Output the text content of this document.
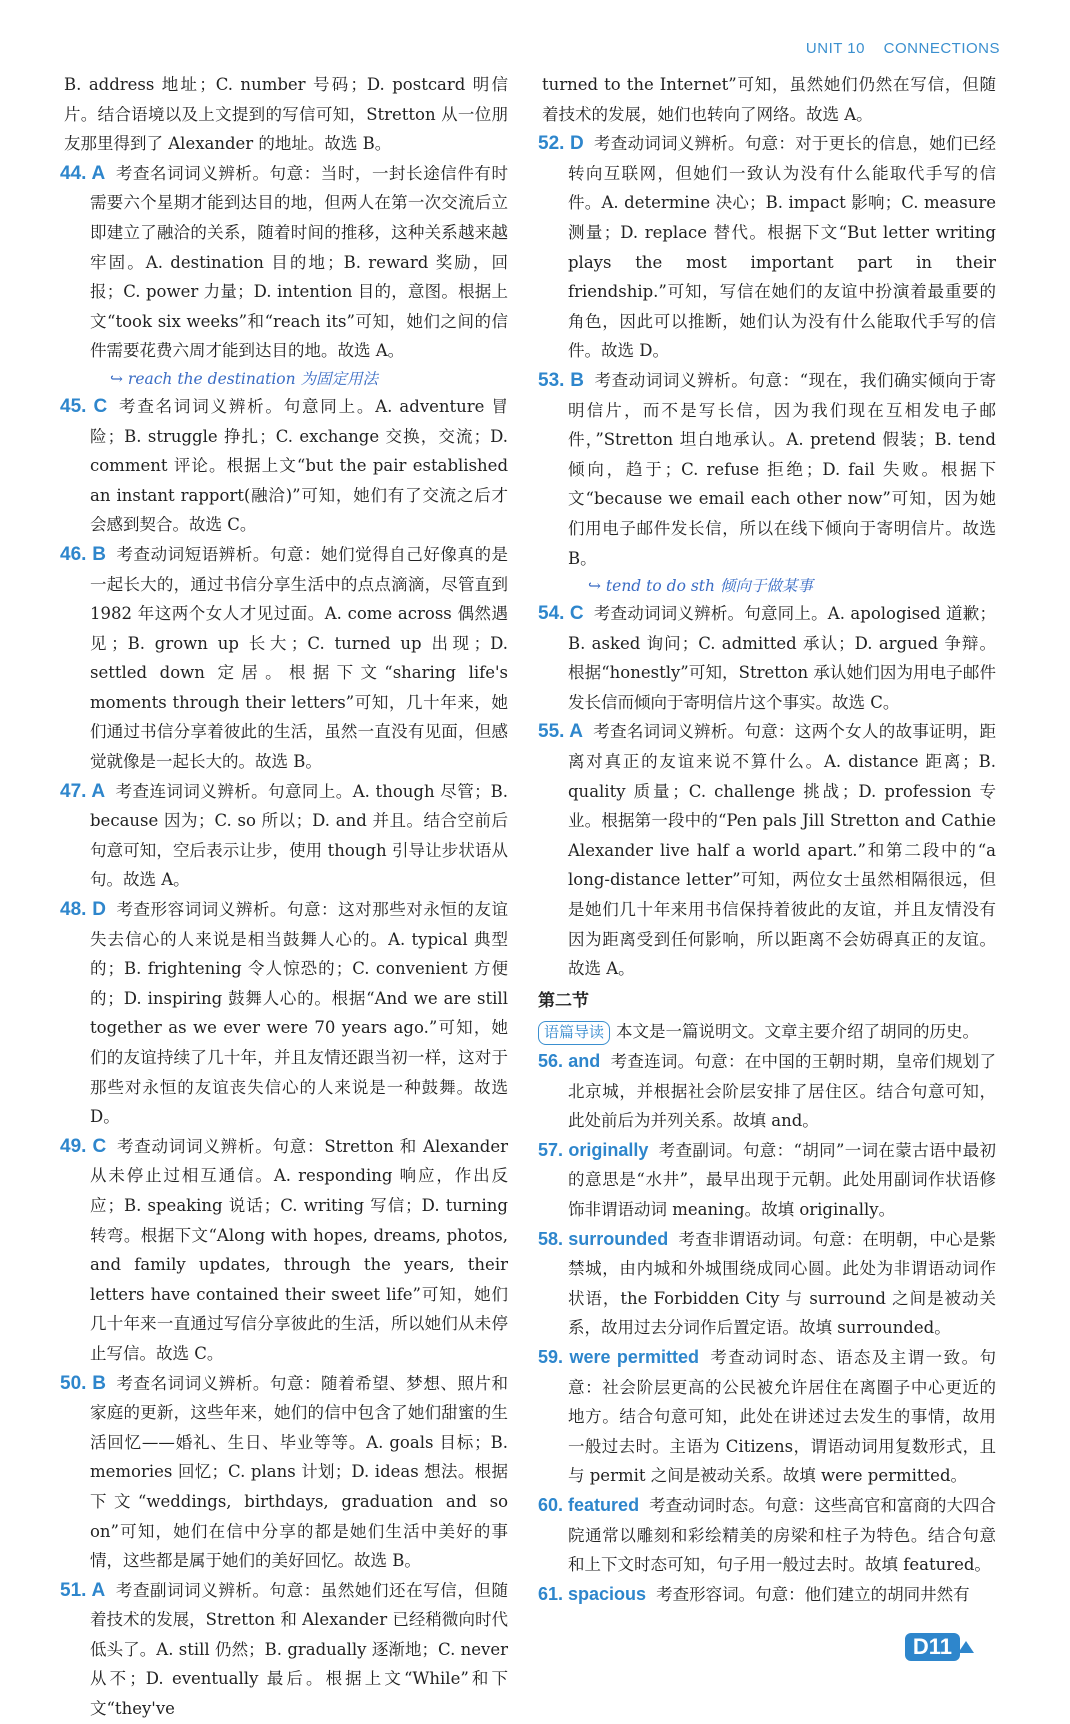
UNIT 10 CONNECTIONS

B. address 地址；C. number 号码；D. postcard 明信片。结合语境以及上文提到的写信可知，Stretton 从一位朋友那里得到了 Alexander 的地址。故选 B。

44. A 考查名词词义辨析。句意：当时，一封长途信件有时需要六个星期才能到达目的地，但两人在第一次交流后立即建立了融洽的关系，随着时间的推移，这种关系越来越牢固。A. destination 目的地；B. reward 奖励，回报；C. power 力量；D. intention 目的，意图。根据上文“took six weeks”和“reach its”可知，她们之间的信件需要花费六周才能到达目的地。故选 A。
↪ reach the destination 为固定用法
45. C 考查名词词义辨析。句意同上。A. adventure 冒险；B. struggle 挣扎；C. exchange 交换，交流；D. comment 评论。根据上文“but the pair established an instant rapport(融洽)”可知，她们有了交流之后才会感到契合。故选 C。
46. B 考查动词短语辨析。句意：她们觉得自己好像真的是一起长大的，通过书信分享生活中的点点滴滴，尽管直到1982 年这两个女人才见过面。A. come across 偶然遇见；B. grown up 长大；C. turned up 出现；D. settled down 定居。根据下文“sharing life's moments through their letters”可知，几十年来，她们通过书信分享着彼此的生活，虽然一直没有见面，但感觉就像是一起长大的。故选 B。
47. A 考查连词词义辨析。句意同上。A. though 尽管；B. because 因为；C. so 所以；D. and 并且。结合空前后句意可知，空后表示让步，使用 though 引导让步状语从句。故选 A。
48. D 考查形容词词义辨析。句意：这对那些对永恒的友谊失去信心的人来说是相当鼓舞人心的。A. typical 典型的；B. frightening 令人惊恐的；C. convenient 方便的；D. inspiring 鼓舞人心的。根据“And we are still together as we ever were 70 years ago.”可知，她们的友谊持续了几十年，并且友情还跟当初一样，这对于那些对永恒的友谊丧失信心的人来说是一种鼓舞。故选 D。
49. C 考查动词词义辨析。句意：Stretton 和 Alexander 从未停止过相互通信。A. responding 响应，作出反应；B. speaking 说话；C. writing 写信；D. turning 转弯。根据下文“Along with hopes, dreams, photos, and family updates, through the years, their letters have contained their sweet life”可知，她们几十年来一直通过写信分享彼此的生活，所以她们从未停止写信。故选 C。
50. B 考查名词词义辨析。句意：随着希望、梦想、照片和家庭的更新，这些年来，她们的信中包含了她们甜蜜的生活回忆——婚礼、生日、毕业等等。A. goals 目标；B. memories 回忆；C. plans 计划；D. ideas 想法。根据下文“weddings, birthdays, graduation and so on”可知，她们在信中分享的都是她们生活中美好的事情，这些都是属于她们的美好回忆。故选 B。
51. A 考查副词词义辨析。句意：虽然她们还在写信，但随着技术的发展，Stretton 和 Alexander 已经稍微向时代低头了。A. still 仍然；B. gradually 逐渐地；C. never 从不；D. eventually 最后。根据上文“While”和下文“they've

turned to the Internet”可知，虽然她们仍然在写信，但随着技术的发展，她们也转向了网络。故选 A。

52. D 考查动词词义辨析。句意：对于更长的信息，她们已经转向互联网，但她们一致认为没有什么能取代手写的信件。A. determine 决心；B. impact 影响；C. measure 测量；D. replace 替代。根据下文“But letter writing plays the most important part in their friendship.”可知，写信在她们的友谊中扮演着最重要的角色，因此可以推断，她们认为没有什么能取代手写的信件。故选 D。
53. B 考查动词词义辨析。句意：“现在，我们确实倾向于寄明信片，而不是写长信，因为我们现在互相发电子邮件，”Stretton 坦白地承认。A. pretend 假装；B. tend 倾向，趋于；C. refuse 拒绝；D. fail 失败。根据下文“because we email each other now”可知，因为她们用电子邮件发长信，所以在线下倾向于寄明信片。故选 B。
↪ tend to do sth 倾向于做某事
54. C 考查动词词义辨析。句意同上。A. apologised 道歉；B. asked 询问；C. admitted 承认；D. argued 争辩。根据“honestly”可知，Stretton 承认她们因为用电子邮件发长信而倾向于寄明信片这个事实。故选 C。
55. A 考查名词词义辨析。句意：这两个女人的故事证明，距离对真正的友谊来说不算什么。A. distance 距离；B. quality 质量；C. challenge 挑战；D. profession 专业。根据第一段中的“Pen pals Jill Stretton and Cathie Alexander live half a world apart.”和第二段中的“a long-distance letter”可知，两位女士虽然相隔很远，但是她们几十年来用书信保持着彼此的友谊，并且友情没有因为距离受到任何影响，所以距离不会妨碍真正的友谊。故选 A。
第二节
语篇导读 本文是一篇说明文。文章主要介绍了胡同的历史。
56. and 考查连词。句意：在中国的王朝时期，皇帝们规划了北京城，并根据社会阶层安排了居住区。结合句意可知，此处前后为并列关系。故填 and。
57. originally 考查副词。句意：“胡同”一词在蒙古语中最初的意思是“水井”，最早出现于元朝。此处用副词作状语修饰非谓语动词 meaning。故填 originally。
58. surrounded 考查非谓语动词。句意：在明朝，中心是紫禁城，由内城和外城围绕成同心圆。此处为非谓语动词作状语，the Forbidden City 与 surround 之间是被动关系，故用过去分词作后置定语。故填 surrounded。
59. were permitted 考查动词时态、语态及主谓一致。句意：社会阶层更高的公民被允许居住在离圈子中心更近的地方。结合句意可知，此处在讲述过去发生的事情，故用一般过去时。主语为 Citizens，谓语动词用复数形式，且与 permit 之间是被动关系。故填 were permitted。
60. featured 考查动词时态。句意：这些高官和富商的大四合院通常以雕刻和彩绘精美的房梁和柱子为特色。结合句意和上下文时态可知，句子用一般过去时。故填 featured。
61. spacious 考查形容词。句意：他们建立的胡同井然有
D11
